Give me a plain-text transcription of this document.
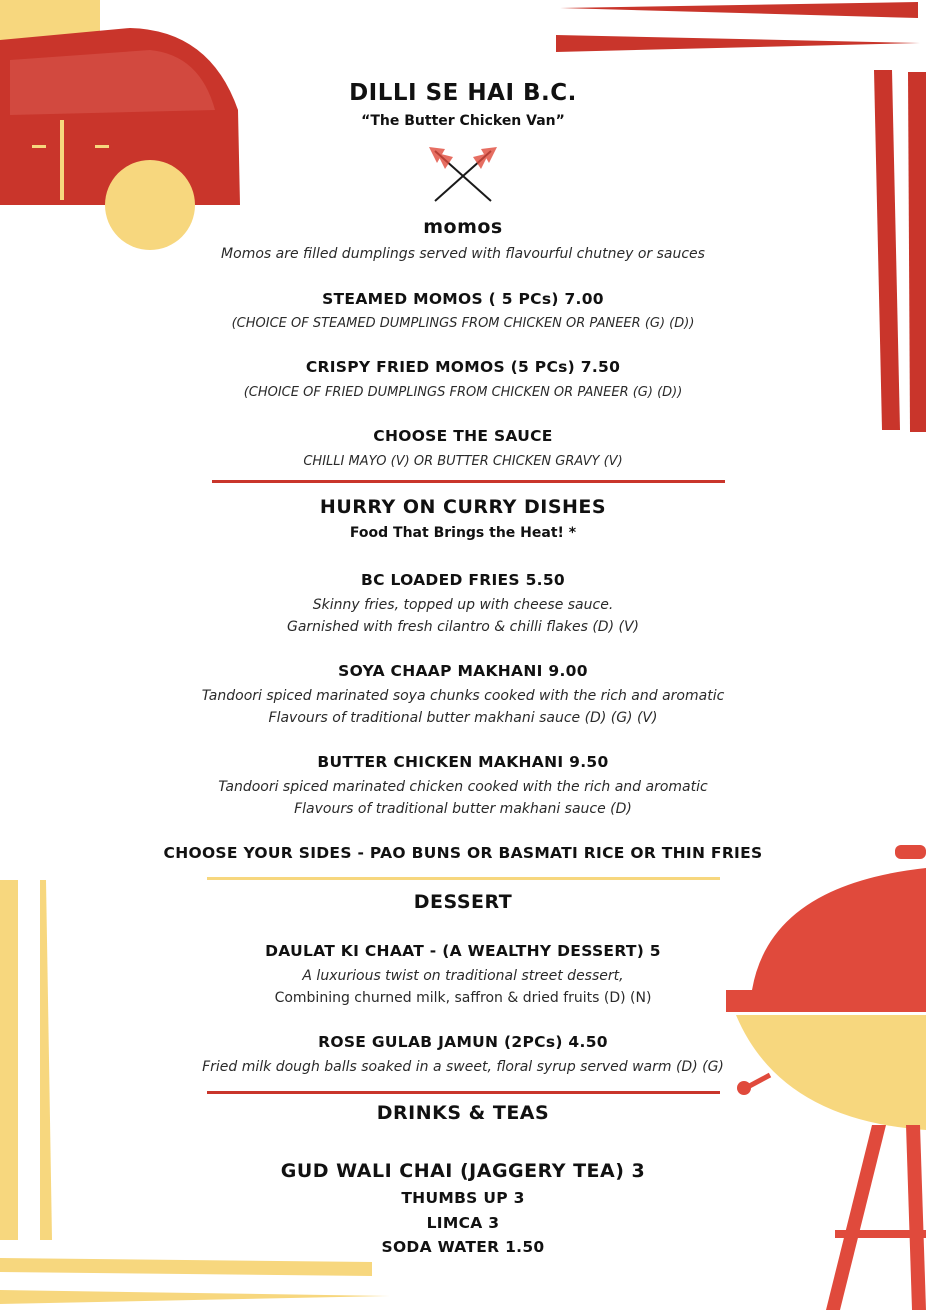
DILLI SE HAI B.C.
“The Butter Chicken Van”
momos
Momos are filled dumplings served with flavourful chutney or sauces
STEAMED MOMOS ( 5 PCs) 7.00
(CHOICE OF STEAMED DUMPLINGS FROM CHICKEN OR PANEER (G) (D))
CRISPY FRIED MOMOS (5 PCs) 7.50
(CHOICE OF FRIED DUMPLINGS FROM CHICKEN OR PANEER (G) (D))
CHOOSE THE SAUCE
CHILLI MAYO (V) OR BUTTER CHICKEN GRAVY (V)
HURRY ON CURRY DISHES
Food That Brings the Heat! *
BC LOADED FRIES 5.50
Skinny fries, topped up with cheese sauce.
Garnished with fresh cilantro & chilli flakes (D) (V)
SOYA CHAAP MAKHANI 9.00
Tandoori spiced marinated soya chunks cooked with the rich and aromatic
Flavours of traditional butter makhani sauce (D) (G) (V)
BUTTER CHICKEN MAKHANI 9.50
Tandoori spiced marinated chicken cooked with the rich and aromatic
Flavours of traditional butter makhani sauce (D)
CHOOSE YOUR SIDES - PAO BUNS OR BASMATI RICE OR THIN FRIES
DESSERT
DAULAT KI CHAAT - (A WEALTHY DESSERT) 5
A luxurious twist on traditional street dessert,
Combining churned milk, saffron & dried fruits (D) (N)
ROSE GULAB JAMUN (2PCs) 4.50
Fried milk dough balls soaked in a sweet, floral syrup served warm (D) (G)
DRINKS & TEAS
GUD WALI CHAI (JAGGERY TEA) 3
THUMBS UP 3
LIMCA 3
SODA WATER 1.50
